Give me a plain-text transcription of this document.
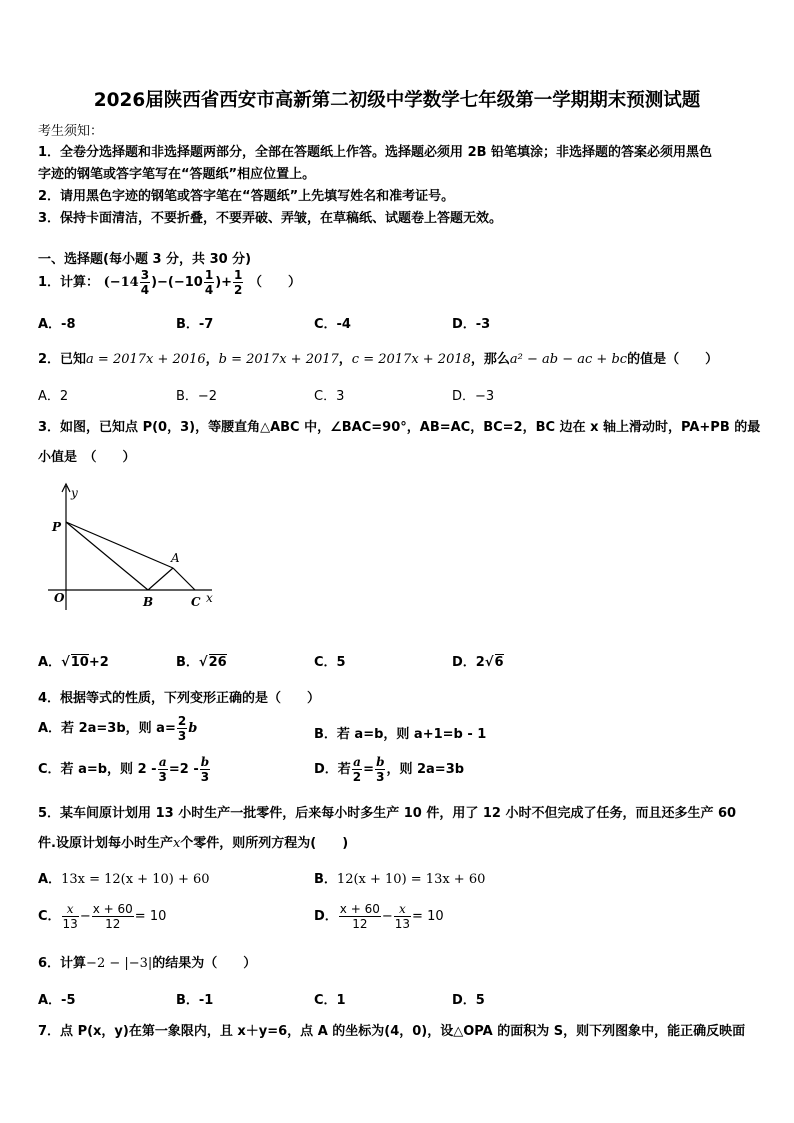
2026届陕西省西安市高新第二初级中学数学七年级第一学期期末预测试题
考生须知：
1．全卷分选择题和非选择题两部分，全部在答题纸上作答。选择题必须用 2B 铅笔填涂；非选择题的答案必须用黑色
字迹的钢笔或答字笔写在“答题纸”相应位置上。
2．请用黑色字迹的钢笔或答字笔在“答题纸”上先填写姓名和准考证号。
3．保持卡面清洁，不要折叠，不要弄破、弄皱，在草稿纸、试题卷上答题无效。
一、选择题(每小题 3 分，共 30 分)
1．计算： $(-14 \frac{3}{4} )-(-10 \frac{1}{4}$ )+ $\frac{1}{2}$ （　　）
A．-8	B．-7	C．-4	D．-3
2．已知a = 2017x + 2016，b = 2017x + 2017，c = 2017x + 2018，那么a² − ab − ac + bc的值是（　　）
A．2	B．−2	C．3	D．−3
3．如图，已知点 P(0，3)，等腰直角△ABC 中，∠BAC=90°，AB=AC，BC=2，BC 边在 x 轴上滑动时，PA+PB 的最
小值是　（　　）
y
P
A
O	B	C x
A．√10+2	B．√26	C．5	D．2√6
4．根据等式的性质，下列变形正确的是（　　）
A．若 2a=3b，则 $a= \frac{2}{3}$ b	B．若 a=b，则 a+1=b - 1
C．若 a=b，则 $2 - \frac{a}{3} =2 - \frac{b}{3}$	D．若 $\frac{a}{2} = \frac{b}{3}$ ，则 2a=3b
5．某车间原计划用 13 小时生产一批零件，后来每小时多生产 10 件，用了 12 小时不但完成了任务，而且还多生产 60
件.设原计划每小时生产x个零件，则所列方程为(　　)
A．13x = 12(x + 10) + 60	B．12(x + 10) = 13x + 60
C． $\frac{x}{13} - \frac{x + 60}{12} = 10$	D． $\frac{x + 60}{12} - \frac{x}{13} = 10$
6．计算−2 − |−3|的结果为（　　）
A．-5	B．-1	C．1	D．5
7．点 P(x，y)在第一象限内，且 x＋y=6，点 A 的坐标为(4，0)，设△OPA 的面积为 S，则下列图象中，能正确反映面
